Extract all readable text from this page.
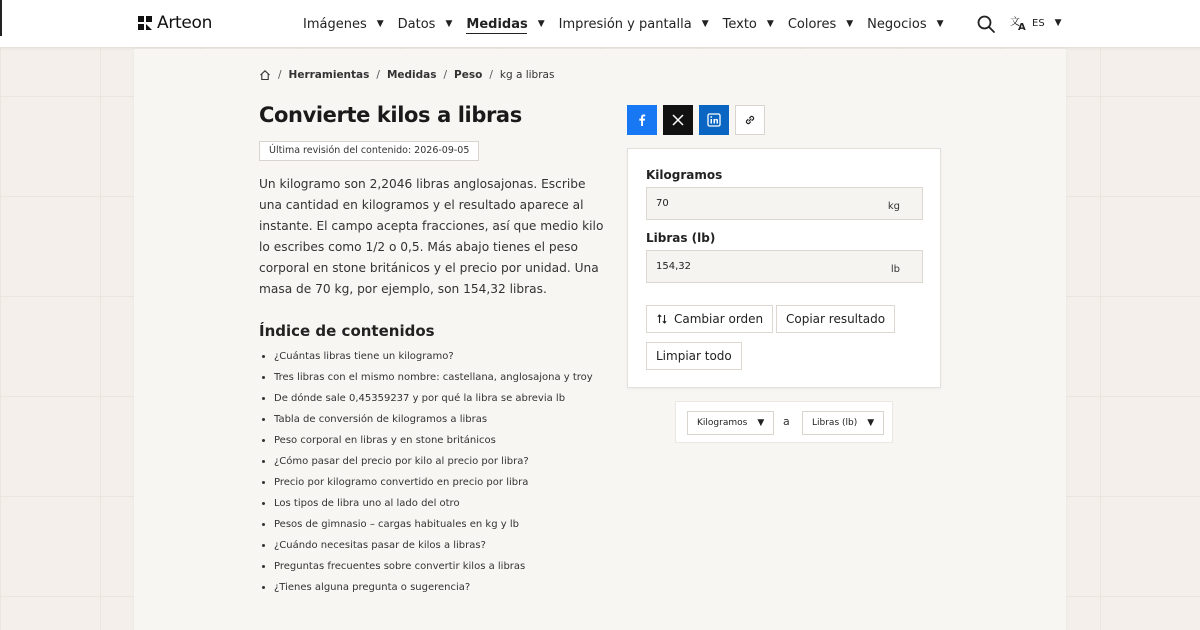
Arteon	Imágenes ▼ Datos ▼ Medidas ▼ Impresión y pantalla ▼ Texto ▼ Colores ▼ Negocios ▼	文
A ES ▼
/ Herramientas / Medidas / Peso / kg a libras
Convierte kilos a libras
Última revisión del contenido: 2026-09-05

Un kilogramo son 2,2046 libras anglosajonas. Escribe una cantidad en kilogramos y el resultado aparece al instante. El campo acepta fracciones, así que medio kilo lo escribes como 1/2 o 0,5. Más abajo tienes el peso corporal en stone británicos y el precio por unidad. Una masa de 70 kg, por ejemplo, son 154,32 libras.

Índice de contenidos
¿Cuántas libras tiene un kilogramo?
Tres libras con el mismo nombre: castellana, anglosajona y troy
De dónde sale 0,45359237 y por qué la libra se abrevia lb
Tabla de conversión de kilogramos a libras
Peso corporal en libras y en stone británicos
¿Cómo pasar del precio por kilo al precio por libra?
Precio por kilogramo convertido en precio por libra
Los tipos de libra uno al lado del otro
Pesos de gimnasio – cargas habituales en kg y lb
¿Cuándo necesitas pasar de kilos a libras?
Preguntas frecuentes sobre convertir kilos a libras
¿Tienes alguna pregunta o sugerencia?
Kilogramos
70
kg
Libras (lb)
154,32
lb
Cambiar orden Copiar resultado
Limpiar todo
Kilogramos ▼ a Libras (lb) ▼
